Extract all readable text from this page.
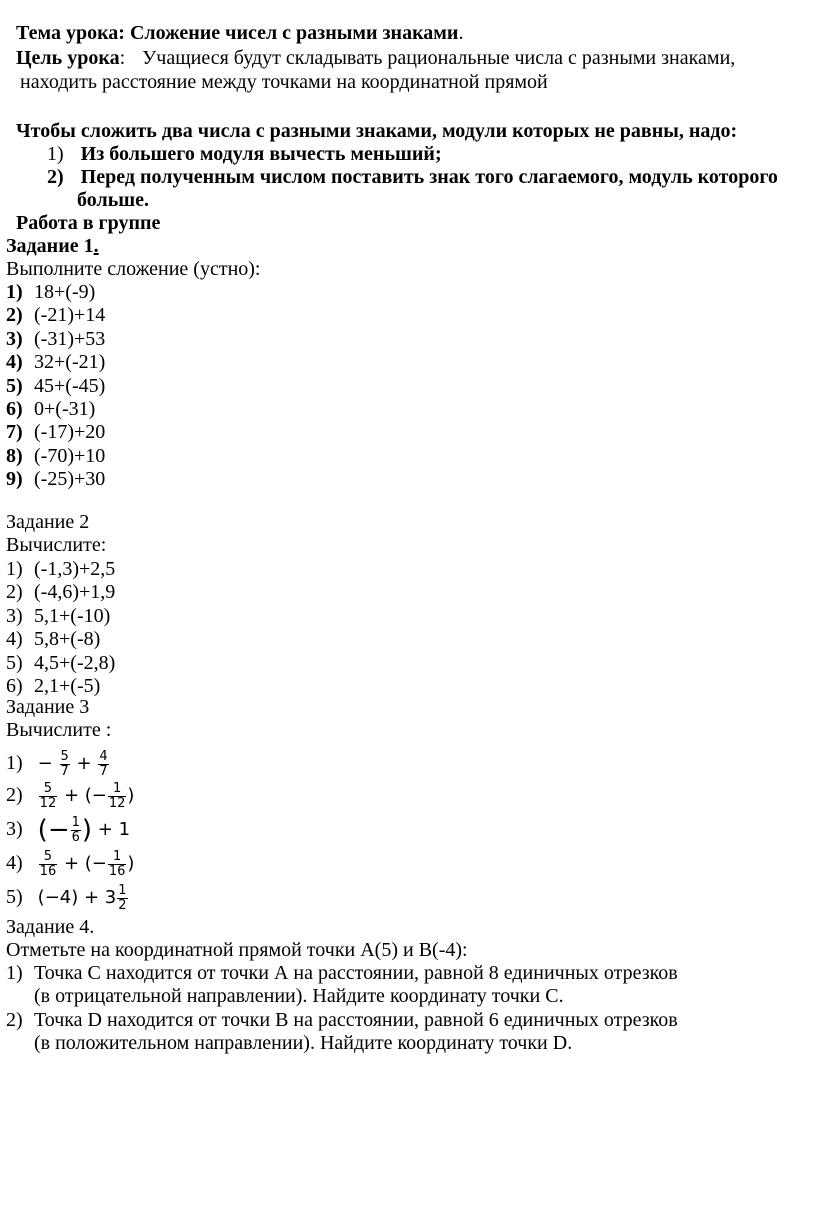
Тема урока: Сложение чисел с разными знаками.
Цель урока: Учащиеся будут складывать рациональные числа с разными знаками,
находить расстояние между точками на координатной прямой
Чтобы сложить два числа с разными знаками, модули которых не равны, надо:
1) Из большего модуля вычесть меньший;
2) Перед полученным числом поставить знак того слагаемого, модуль которого
больше.
Работа в группе
Задание 1.
Выполните сложение (устно):
1) 18+(-9)
2) (-21)+14
3) (-31)+53
4) 32+(-21)
5) 45+(-45)
6) 0+(-31)
7) (-17)+20
8) (-70)+10
9) (-25)+30
Задание 2
Вычислите:
1) (-1,3)+2,5
2) (-4,6)+1,9
3) 5,1+(-10)
4) 5,8+(-8)
5) 4,5+(-2,8)
6) 2,1+(-5)
Задание 3
Вычислите :
$1) - \frac{5}{7} + \frac{4}{7}$
$2) \frac{5}{12}$ + (− $\frac{1}{12}$ )
3) (− $\frac{1}{6}$ ) + 1
$4) \frac{5}{16}$ + (− $\frac{1}{16}$ )
5) $(-4) + 3 \frac{1}{2}$
Задание 4.
Отметьте на координатной прямой точки А(5) и В(-4):
1) Точка С находится от точки А на расстоянии, равной 8 единичных отрезков
(в отрицательной направлении). Найдите координату точки С.
2) Точка D находится от точки В на расстоянии, равной 6 единичных отрезков
(в положительном направлении). Найдите координату точки D.
